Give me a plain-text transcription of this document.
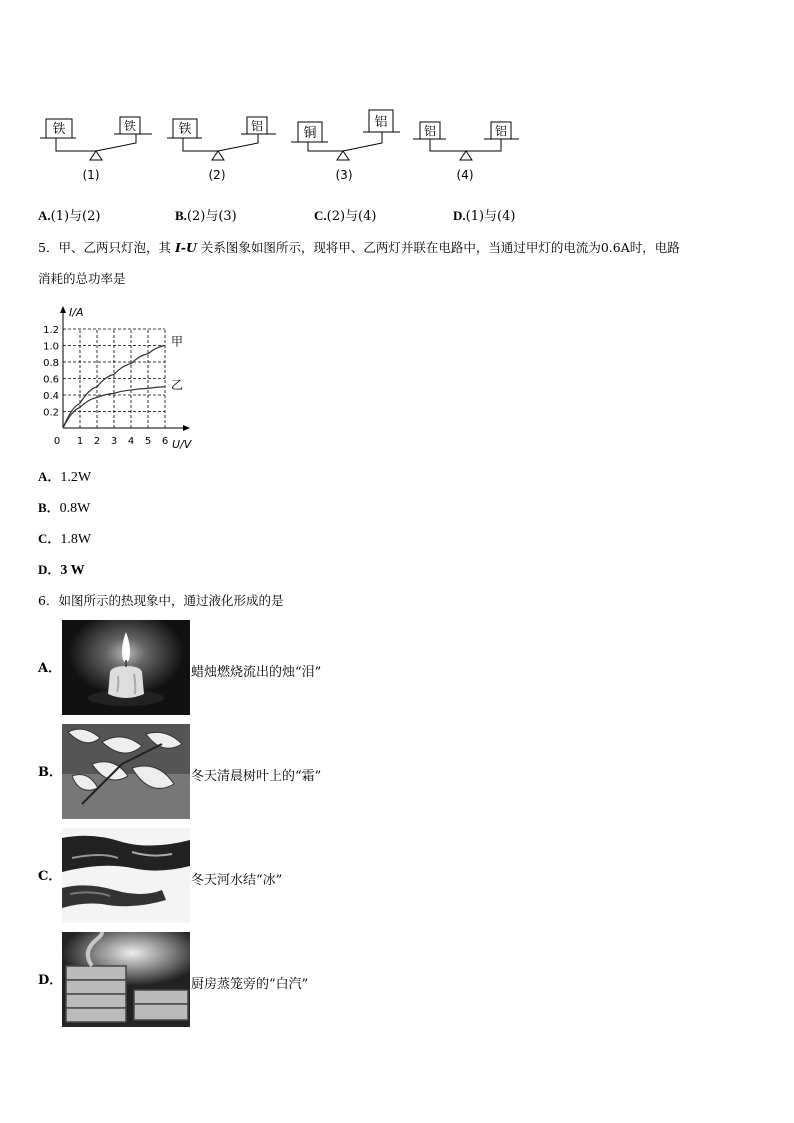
铁	铁
(1)
铁	铝
(2)
铜
铝
(3)
铝	铝
(4)
A.(1)与(2)	B.(2)与(3)	C.(2)与(4)	D.(1)与(4)
5．甲、乙两只灯泡，其 I-U 关系图象如图所示，现将甲、乙两灯并联在电路中，当通过甲灯的电流为0.6A时，电路
消耗的总功率是
0.2
0.4
0.6
0.8
1.0
1.2
0 1 2 3 4 5 6
I/A
U/V
甲
乙
A．1.2W
B．0.8W
C．1.8W
D．3 W
6．如图所示的热现象中，通过液化形成的是
A．	蜡烛燃烧流出的烛“泪”
B．	冬天清晨树叶上的“霜”
C．	冬天河水结“冰”
D．	厨房蒸笼旁的“白汽”
